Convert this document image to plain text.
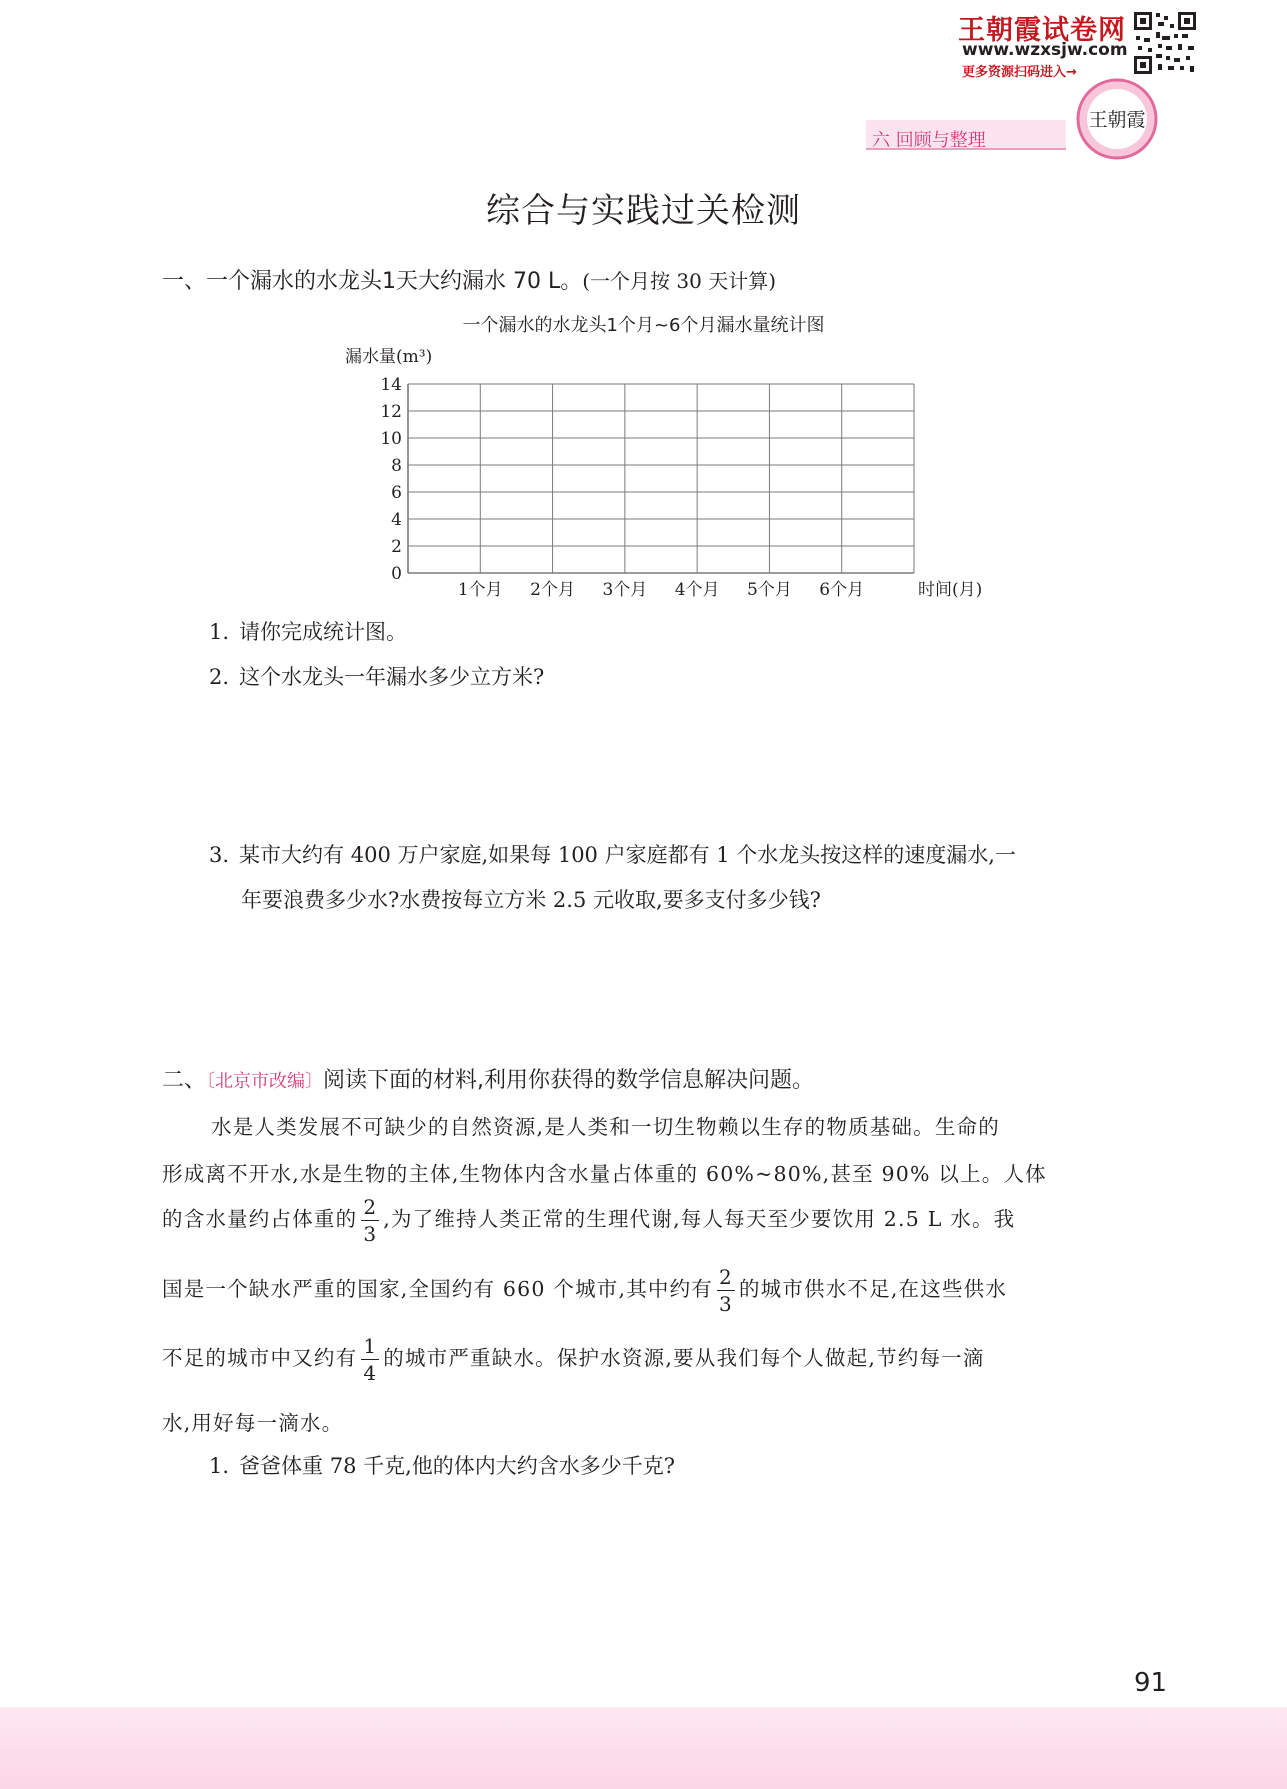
王朝霞试卷网
www.wzxsjw.com
更多资源扫码进入→
六 回顾与整理
王朝霞
综合与实践过关检测
一、一个漏水的水龙头1天大约漏水 70 L。(一个月按 30 天计算)
一个漏水的水龙头1个月~6个月漏水量统计图
漏水量(m³)
0
2
4
6
8
10
12
14
1个月 2个月 3个月 4个月 5个月 6个月	时间(月)
1. 请你完成统计图。
2. 这个水龙头一年漏水多少立方米?
3. 某市大约有 400 万户家庭,如果每 100 户家庭都有 1 个水龙头按这样的速度漏水,一
年要浪费多少水?水费按每立方米 2.5 元收取,要多支付多少钱?
二、〔北京市改编〕阅读下面的材料,利用你获得的数学信息解决问题。
水是人类发展不可缺少的自然资源,是人类和一切生物赖以生存的物质基础。生命的
形成离不开水,水是生物的主体,生物体内含水量占体重的 60%~80%,甚至 90% 以上。人体
的含水量约占体重的 $\frac{2}{3}$ ,为了维持人类正常的生理代谢,每人每天至少要饮用 2.5 L 水。我
国是一个缺水严重的国家,全国约有 660 个城市,其中约有 $\frac{2}{3}$ 的城市供水不足,在这些供水
不足的城市中又约有 $\frac{1}{4}$ 的城市严重缺水。保护水资源,要从我们每个人做起,节约每一滴
水,用好每一滴水。
1. 爸爸体重 78 千克,他的体内大约含水多少千克?
91
